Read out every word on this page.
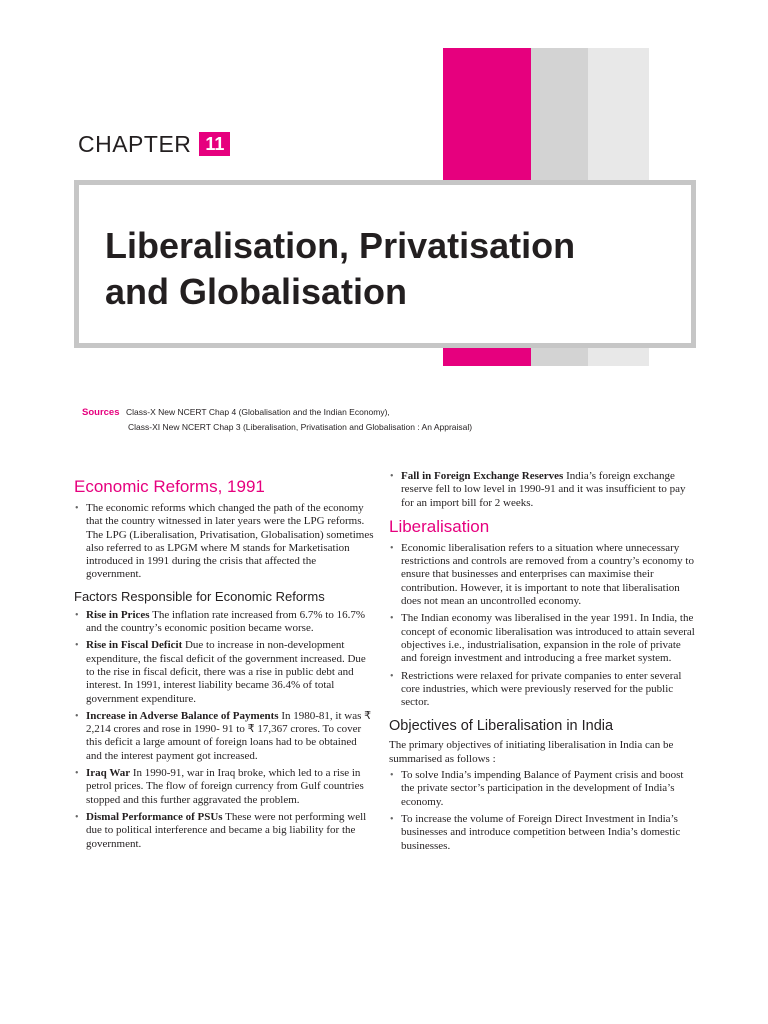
CHAPTER 11
Liberalisation, Privatisation
and Globalisation
Sources Class-X New NCERT Chap 4 (Globalisation and the Indian Economy),
Class-XI New NCERT Chap 3 (Liberalisation, Privatisation and Globalisation : An Appraisal)
Economic Reforms, 1991
• The economic reforms which changed the path of the economy that the country witnessed in later years were the LPG reforms. The LPG (Liberalisation, Privatisation, Globalisation) sometimes also referred to as LPGM where M stands for Marketisation introduced in 1991 during the crisis that affected the government.
Factors Responsible for Economic Reforms
• Rise in Prices The inflation rate increased from 6.7% to 16.7% and the country’s economic position became worse.
• Rise in Fiscal Deficit Due to increase in non-development expenditure, the fiscal deficit of the government increased. Due to the rise in fiscal deficit, there was a rise in public debt and interest. In 1991, interest liability became 36.4% of total government expenditure.
• Increase in Adverse Balance of Payments In 1980-81, it was ₹ 2,214 crores and rose in 1990- 91 to ₹ 17,367 crores. To cover this deficit a large amount of foreign loans had to be obtained and the interest payment got increased.
• Iraq War In 1990-91, war in Iraq broke, which led to a rise in petrol prices. The flow of foreign currency from Gulf countries stopped and this further aggravated the problem.
• Dismal Performance of PSUs These were not performing well due to political interference and became a big liability for the government.
• Fall in Foreign Exchange Reserves India’s foreign exchange reserve fell to low level in 1990-91 and it was insufficient to pay for an import bill for 2 weeks.
Liberalisation
• Economic liberalisation refers to a situation where unnecessary restrictions and controls are removed from a country’s economy to ensure that businesses and enterprises can maximise their contribution. However, it is important to note that liberalisation does not mean an uncontrolled economy.
• The Indian economy was liberalised in the year 1991. In India, the concept of economic liberalisation was introduced to attain several objectives i.e., industrialisation, expansion in the role of private and foreign investment and introducing a free market system.
• Restrictions were relaxed for private companies to enter several core industries, which were previously reserved for the public sector.
Objectives of Liberalisation in India

The primary objectives of initiating liberalisation in India can be summarised as follows :

• To solve India’s impending Balance of Payment crisis and boost the private sector’s participation in the development of India’s economy.
• To increase the volume of Foreign Direct Investment in India’s businesses and introduce competition between India’s domestic businesses.
